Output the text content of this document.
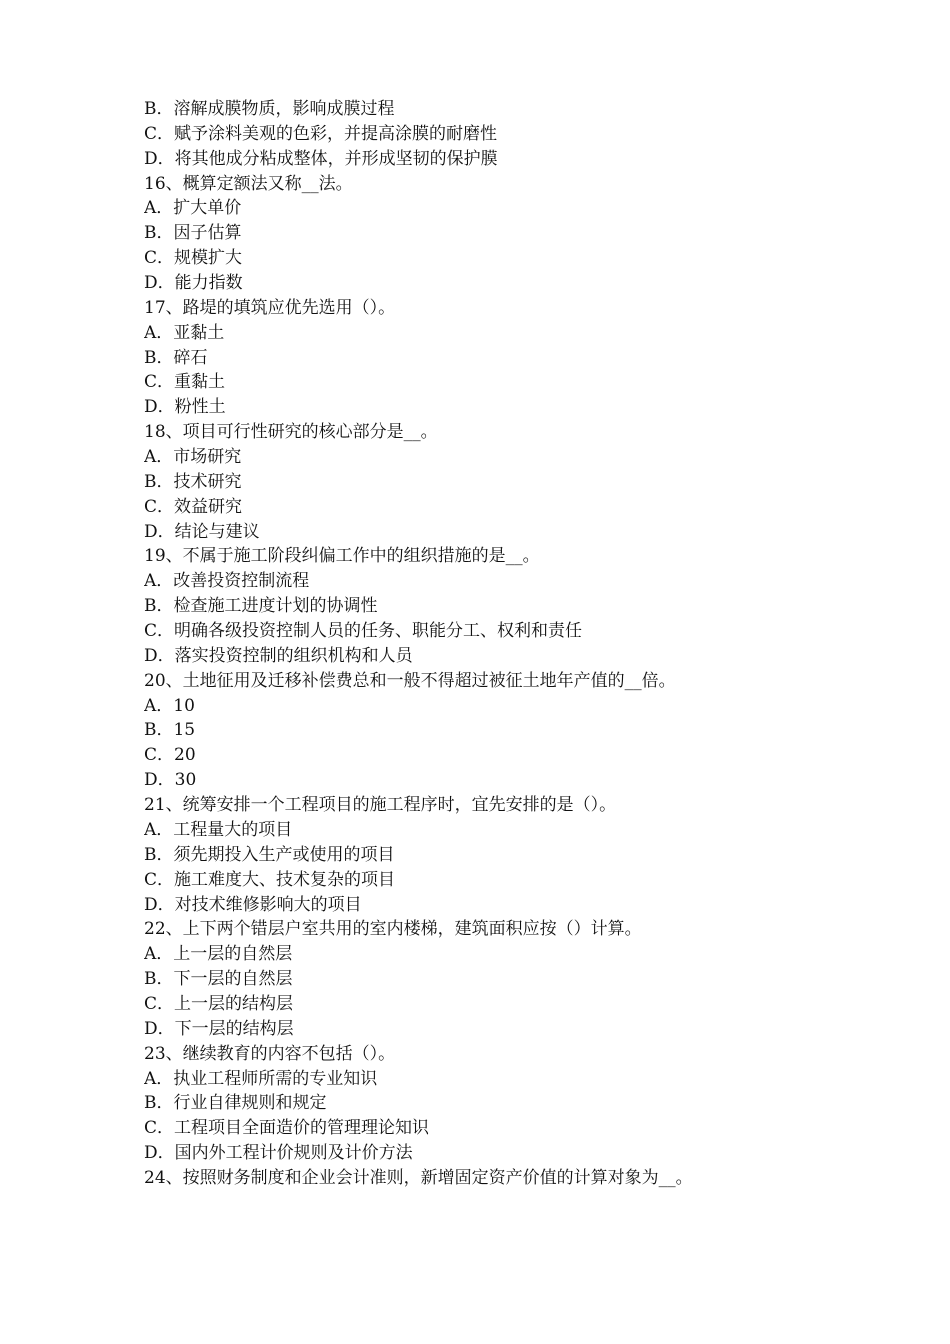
B．溶解成膜物质，影响成膜过程
C．赋予涂料美观的色彩，并提高涂膜的耐磨性
D．将其他成分粘成整体，并形成坚韧的保护膜
16、概算定额法又称__法。
A．扩大单价
B．因子估算
C．规模扩大
D．能力指数
17、路堤的填筑应优先选用（）。
A．亚黏土
B．碎石
C．重黏土
D．粉性土
18、项目可行性研究的核心部分是__。
A．市场研究
B．技术研究
C．效益研究
D．结论与建议
19、不属于施工阶段纠偏工作中的组织措施的是__。
A．改善投资控制流程
B．检查施工进度计划的协调性
C．明确各级投资控制人员的任务、职能分工、权利和责任
D．落实投资控制的组织机构和人员
20、土地征用及迁移补偿费总和一般不得超过被征土地年产值的__倍。
A．10
B．15
C．20
D．30
21、统筹安排一个工程项目的施工程序时，宜先安排的是（）。
A．工程量大的项目
B．须先期投入生产或使用的项目
C．施工难度大、技术复杂的项目
D．对技术维修影响大的项目
22、上下两个错层户室共用的室内楼梯，建筑面积应按（）计算。
A．上一层的自然层
B．下一层的自然层
C．上一层的结构层
D．下一层的结构层
23、继续教育的内容不包括（）。
A．执业工程师所需的专业知识
B．行业自律规则和规定
C．工程项目全面造价的管理理论知识
D．国内外工程计价规则及计价方法
24、按照财务制度和企业会计准则，新增固定资产价值的计算对象为__。
